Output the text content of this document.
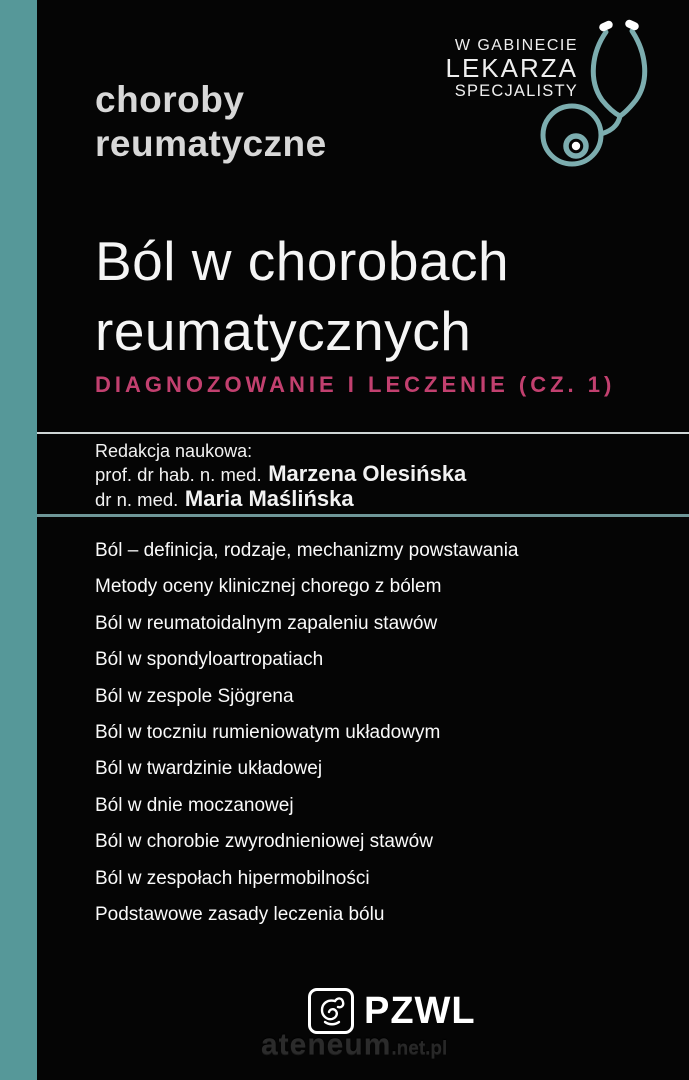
choroby
reumatyczne
W GABINECIE
LEKARZA
SPECJALISTY
Ból w chorobach
reumatycznych
DIAGNOZOWANIE I LECZENIE (CZ. 1)
Redakcja naukowa:
prof. dr hab. n. med. Marzena Olesińska
dr n. med. Maria Maślińska
Ból – definicja, rodzaje, mechanizmy powstawania
Metody oceny klinicznej chorego z bólem
Ból w reumatoidalnym zapaleniu stawów
Ból w spondyloartropatiach
Ból w zespole Sjögrena
Ból w toczniu rumieniowatym układowym
Ból w twardzinie układowej
Ból w dnie moczanowej
Ból w chorobie zwyrodnieniowej stawów
Ból w zespołach hipermobilności
Podstawowe zasady leczenia bólu
PZWL
ateneum .net.pl
